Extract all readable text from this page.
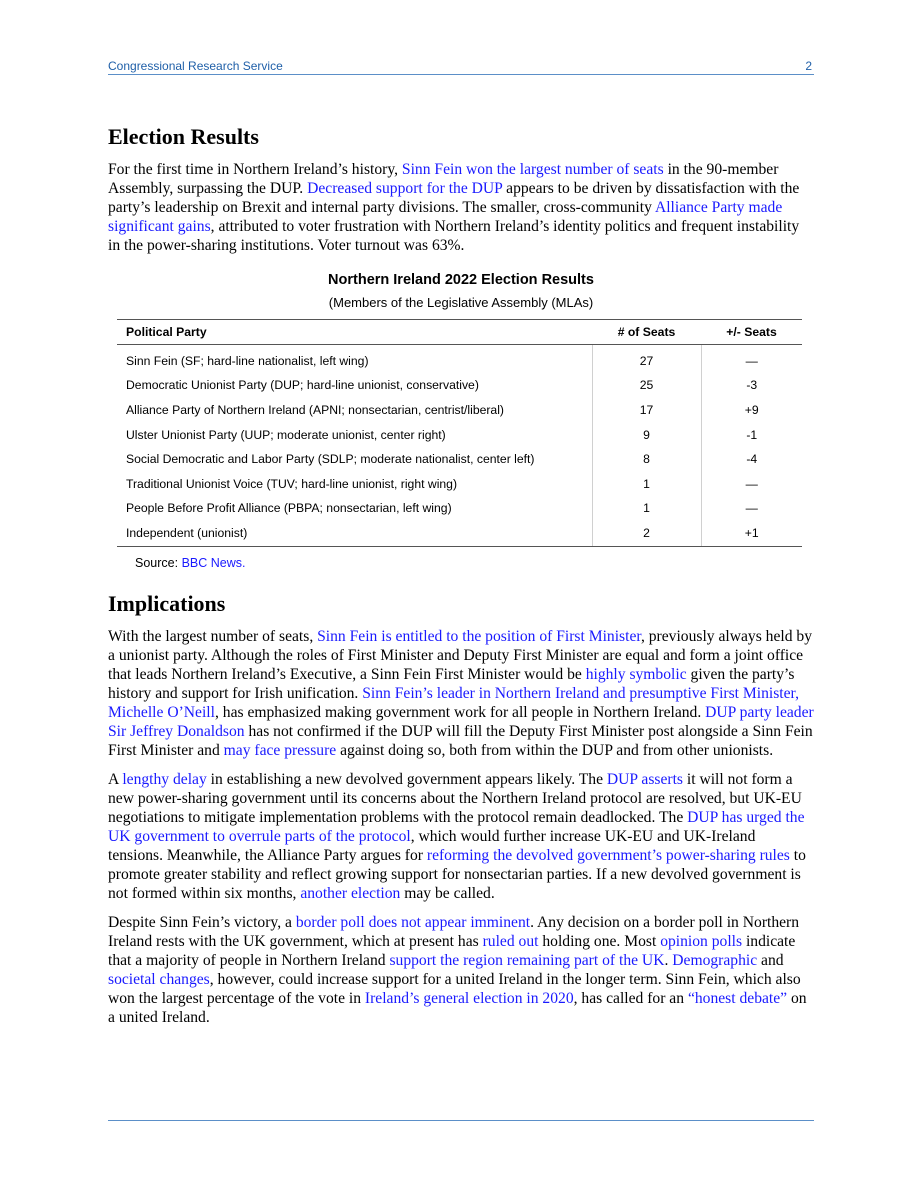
Congressional Research Service	2
Election Results

For the first time in Northern Ireland’s history, Sinn Fein won the largest number of seats in the 90-member Assembly, surpassing the DUP. Decreased support for the DUP appears to be driven by dissatisfaction with the party’s leadership on Brexit and internal party divisions. The smaller, cross-community Alliance Party made significant gains, attributed to voter frustration with Northern Ireland’s identity politics and frequent instability in the power-sharing institutions. Voter turnout was 63%.

Northern Ireland 2022 Election Results
(Members of the Legislative Assembly (MLAs)
Political Party	# of Seats	+/- Seats
Sinn Fein (SF; hard-line nationalist, left wing)	27	—
Democratic Unionist Party (DUP; hard-line unionist, conservative)	25	-3
Alliance Party of Northern Ireland (APNI; nonsectarian, centrist/liberal)	17	+9
Ulster Unionist Party (UUP; moderate unionist, center right)	9	-1
Social Democratic and Labor Party (SDLP; moderate nationalist, center left)	8	-4
Traditional Unionist Voice (TUV; hard-line unionist, right wing)	1	—
People Before Profit Alliance (PBPA; nonsectarian, left wing)	1	—
Independent (unionist)	2	+1
Source: BBC News.
Implications

With the largest number of seats, Sinn Fein is entitled to the position of First Minister, previously always held by a unionist party. Although the roles of First Minister and Deputy First Minister are equal and form a joint office that leads Northern Ireland’s Executive, a Sinn Fein First Minister would be highly symbolic given the party’s history and support for Irish unification. Sinn Fein’s leader in Northern Ireland and presumptive First Minister, Michelle O’Neill, has emphasized making government work for all people in Northern Ireland. DUP party leader Sir Jeffrey Donaldson has not confirmed if the DUP will fill the Deputy First Minister post alongside a Sinn Fein First Minister and may face pressure against doing so, both from within the DUP and from other unionists.

A lengthy delay in establishing a new devolved government appears likely. The DUP asserts it will not form a new power-sharing government until its concerns about the Northern Ireland protocol are resolved, but UK-EU negotiations to mitigate implementation problems with the protocol remain deadlocked. The DUP has urged the UK government to overrule parts of the protocol, which would further increase UK-EU and UK-Ireland tensions. Meanwhile, the Alliance Party argues for reforming the devolved government’s power-sharing rules to promote greater stability and reflect growing support for nonsectarian parties. If a new devolved government is not formed within six months, another election may be called.

Despite Sinn Fein’s victory, a border poll does not appear imminent. Any decision on a border poll in Northern Ireland rests with the UK government, which at present has ruled out holding one. Most opinion polls indicate that a majority of people in Northern Ireland support the region remaining part of the UK. Demographic and societal changes, however, could increase support for a united Ireland in the longer term. Sinn Fein, which also won the largest percentage of the vote in Ireland’s general election in 2020, has called for an “honest debate” on a united Ireland.
